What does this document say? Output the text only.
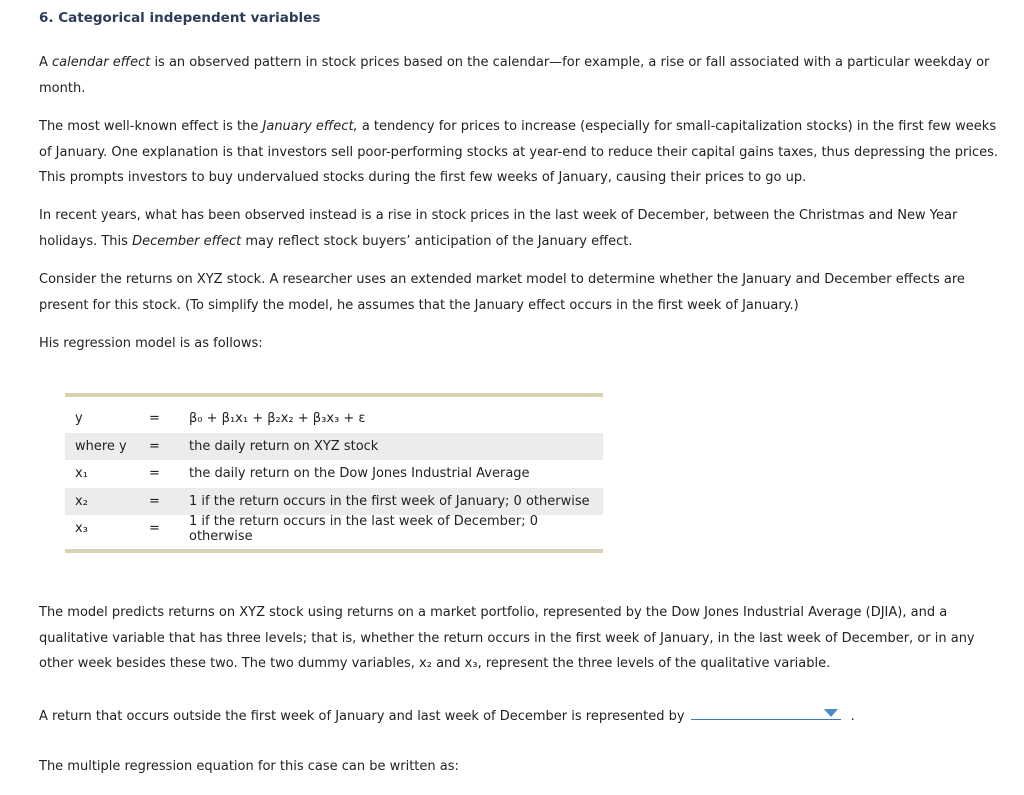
6. Categorical independent variables

A calendar effect is an observed pattern in stock prices based on the calendar—for example, a rise or fall associated with a particular weekday or month.

The most well-known effect is the January effect, a tendency for prices to increase (especially for small-capitalization stocks) in the first few weeks of January. One explanation is that investors sell poor-performing stocks at year-end to reduce their capital gains taxes, thus depressing the prices. This prompts investors to buy undervalued stocks during the first few weeks of January, causing their prices to go up.

In recent years, what has been observed instead is a rise in stock prices in the last week of December, between the Christmas and New Year holidays. This December effect may reflect stock buyers’ anticipation of the January effect.

Consider the returns on XYZ stock. A researcher uses an extended market model to determine whether the January and December effects are present for this stock. (To simplify the model, he assumes that the January effect occurs in the first week of January.)

His regression model is as follows:

y	=	β₀ + β₁x₁ + β₂x₂ + β₃x₃ + ε
where y	=	the daily return on XYZ stock
x₁	=	the daily return on the Dow Jones Industrial Average
x₂	=	1 if the return occurs in the first week of January; 0 otherwise
x₃	=	1 if the return occurs in the last week of December; 0 otherwise

The model predicts returns on XYZ stock using returns on a market portfolio, represented by the Dow Jones Industrial Average (DJIA), and a qualitative variable that has three levels; that is, whether the return occurs in the first week of January, in the last week of December, or in any other week besides these two. The two dummy variables, x₂ and x₃, represent the three levels of the qualitative variable.

A return that occurs outside the first week of January and last week of December is represented by	.

The multiple regression equation for this case can be written as:
